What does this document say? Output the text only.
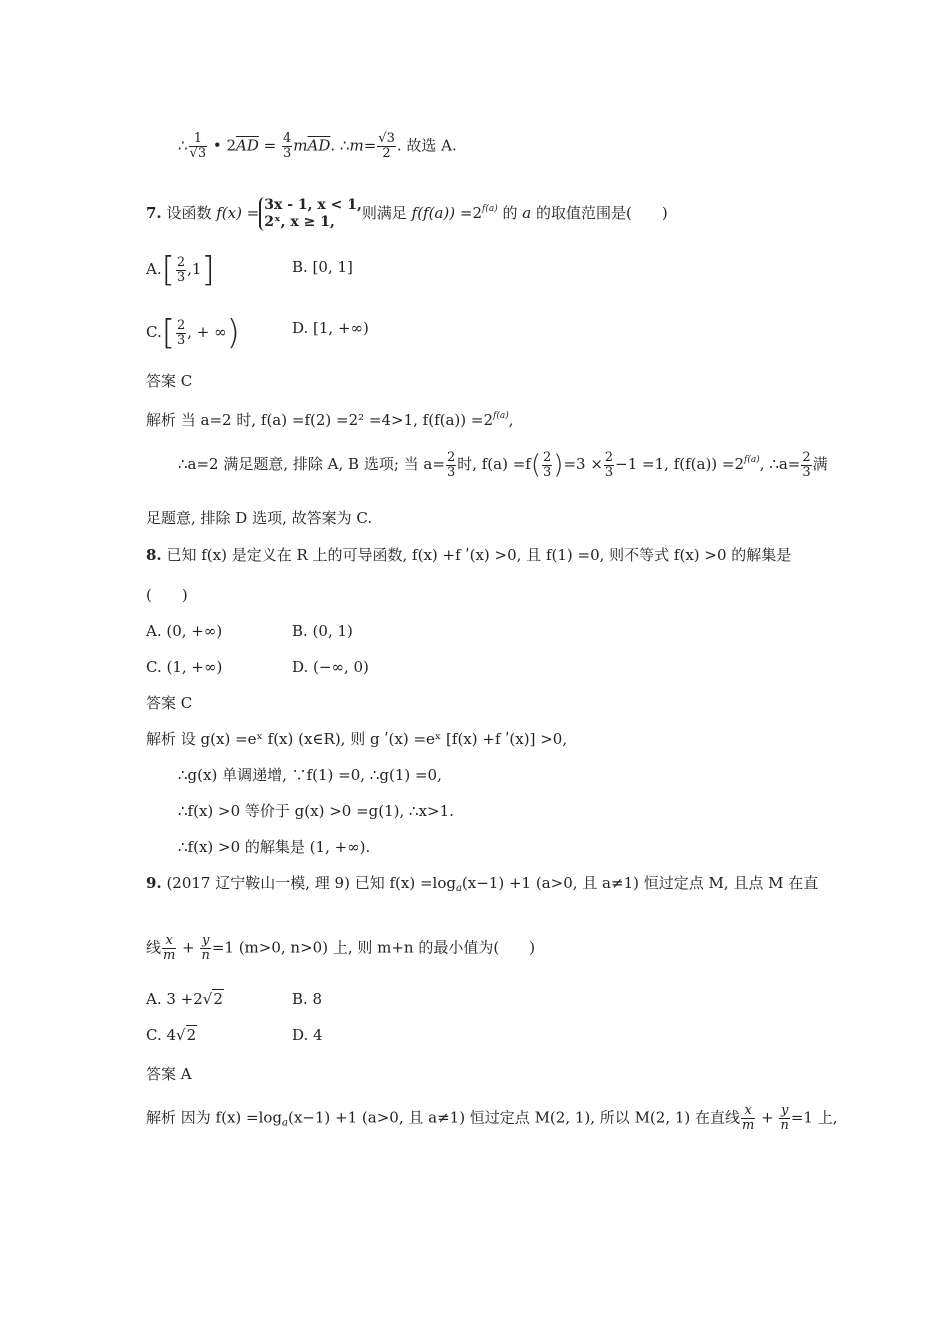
∴ $\frac{1}{√3}$ • $2\overline{AD} = \frac{4}{3} m\overline{AD}$. ∴m= $\frac{√3}{2}$ . 故选 A.
7. 设函数 f(x) = 3x - 1, x < 1,
2ˣ, x ≥ 1,	则满足 $f(f(a)) =2^{f(a)}$ 的 a 的取值范围是(　　)
$A.[ \frac{2}{3} ,1]$	B. [0, 1]
$C.[ \frac{2}{3}$ , + ∞)	D. [1, +∞)
答案 C
解析 当 a=2 时, f(a) =f(2) =2² =4>1, $f(f(a)) =2^{f(a)}$,
∴a=2 满足题意, 排除 A, B 选项; 当 $a= \frac{2}{3}$ 时, $f(a) =f( \frac{2}{3} )=3 \times \frac{2}{3} -1 =1$, $f(f(a)) =2^{f(a)}$, ∴a= $\frac{2}{3}$ 满
足题意, 排除 D 选项, 故答案为 C.
8. 已知 f(x) 是定义在 R 上的可导函数, f(x) +f ʹ(x) >0, 且 f(1) =0, 则不等式 f(x) >0 的解集是
(　　)
A. (0, +∞)	B. (0, 1)
C. (1, +∞)	D. (−∞, 0)
答案 C
解析 设 g(x) =eˣ f(x) (x∈R), 则 g ʹ(x) =eˣ [f(x) +f ʹ(x)] >0,
∴g(x) 单调递增, ∵f(1) =0, ∴g(1) =0,
∴f(x) >0 等价于 g(x) >0 =g(1), ∴x>1.
∴f(x) >0 的解集是 (1, +∞).
9. (2017 辽宁鞍山一模, 理 9) 已知 $f(x) =\log_a(x-1) +1$ (a>0, 且 a≠1) 恒过定点 M, 且点 M 在直
线 $\frac{x}{m} + \frac{y}{n} =1$ (m>0, n>0) 上, 则 m+n 的最小值为(　　)
A. 3 +2√2	B. 8
C. 4√2	D. 4
答案 A
解析 因为 $f(x) =\log_a(x-1) +1$ (a>0, 且 a≠1) 恒过定点 M(2, 1), 所以 M(2, 1) 在直线 $\frac{x}{m} + \frac{y}{n} =1$ 上,
